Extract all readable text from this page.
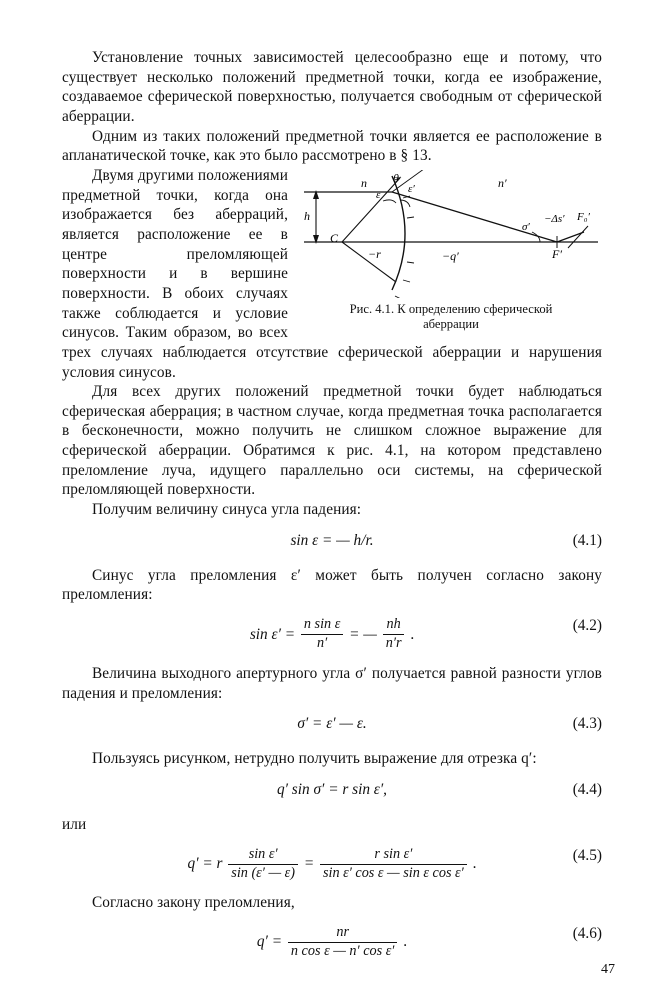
Установление точных зависимостей целесообразно еще и потому, что существует несколько положений предметной точки, когда ее изображение, создаваемое сферической поверхностью, получается свободным от сферической аберрации.

Одним из таких положений предметной точки является ее расположение в апланатической точке, как это было рассмотрено в § 13.

n	n′
θ
ε	ε′
h
C
−r	−q′
σ′
−Δs′
F′
F₀′
Рис. 4.1. К определению сферической
аберрации

Двумя другими положениями предметной точки, когда она изображается без аберраций, является расположение ее в центре преломляющей поверхности и в вершине поверхности. В обоих случаях также соблюдается и условие синусов. Таким образом, во всех трех случаях наблюдается отсутствие сферической аберрации и нарушения условия синусов.

Для всех других положений предметной точки будет наблюдаться сферическая аберрация; в частном случае, когда предметная точка располагается в бесконечности, можно получить не слишком сложное выражение для сферической аберрации. Обратимся к рис. 4.1, на котором представлено преломление луча, идущего параллельно оси системы, на сферической преломляющей поверхности.

Получим величину синуса угла падения:

sin ε = — h/r.	(4.1)

Синус угла преломления ε′ может быть получен согласно закону преломления:

$\sin \varepsilon' = \frac{\text{n sin ε}}{n'}$ = — $\frac{nh}{n'r}$ .
(4.2)

Величина выходного апертурного угла σ′ получается равной разности углов падения и преломления:

σ′ = ε′ — ε.	(4.3)

Пользуясь рисунком, нетрудно получить выражение для отрезка q′:

q′ sin σ′ = r sin ε′,	(4.4)

или

q′ = r $\frac{\text{sin ε′}}{\sin (\varepsilon' — \varepsilon)} = \frac{\text{r sin ε′}}{\text{sin ε′ cos ε — sin ε cos ε′}}$ .	(4.5)

Согласно закону преломления,

$q' = \frac{nr}{\text{n cos ε — n′ cos ε′}}$ .	(4.6)
47
